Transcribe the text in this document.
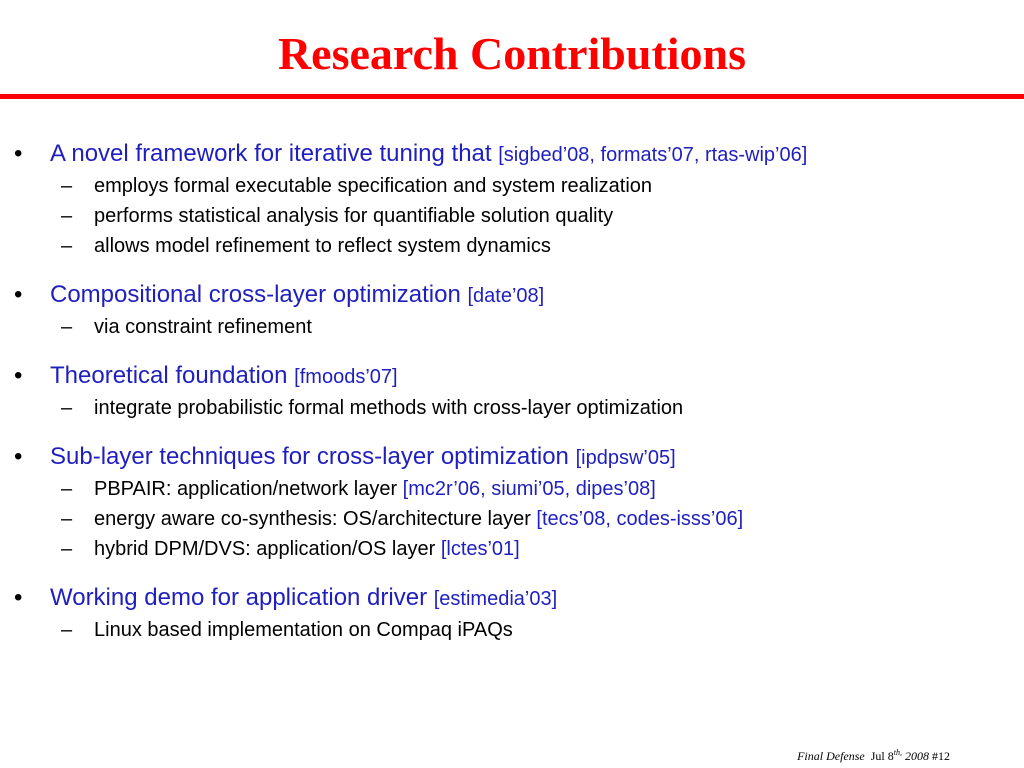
Research Contributions
• A novel framework for iterative tuning that [sigbed’08, formats’07, rtas-wip’06]
– employs formal executable specification and system realization
– performs statistical analysis for quantifiable solution quality
– allows model refinement to reflect system dynamics
• Compositional cross-layer optimization [date’08]
– via constraint refinement
• Theoretical foundation [fmoods’07]
– integrate probabilistic formal methods with cross-layer optimization
• Sub-layer techniques for cross-layer optimization [ipdpsw’05]
– PBPAIR: application/network layer [mc2r’06, siumi’05, dipes’08]
– energy aware co-synthesis: OS/architecture layer [tecs’08, codes-isss’06]
– hybrid DPM/DVS: application/OS layer [lctes’01]
• Working demo for application driver [estimedia’03]
– Linux based implementation on Compaq iPAQs
Final Defense Jul 8$^{th,}$ 2008 #12
